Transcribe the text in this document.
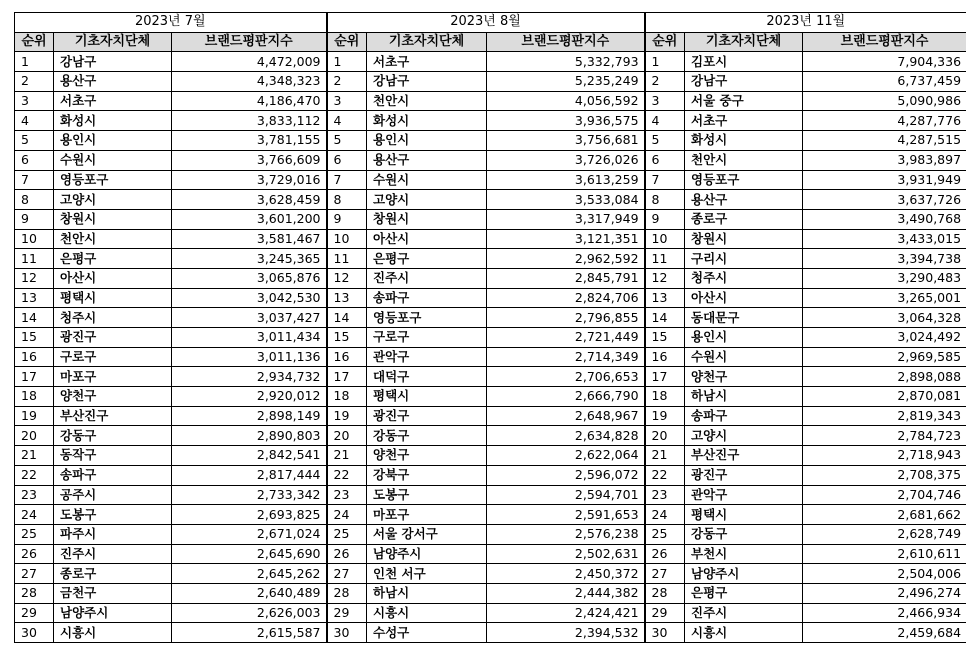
2023년 7월			2023년 8월			2023년 11월		
순위	기초자치단체	브랜드평판지수	순위	기초자치단체	브랜드평판지수	순위	기초자치단체	브랜드평판지수
1	강남구	4,472,009	1	서초구	5,332,793	1	김포시	7,904,336
2	용산구	4,348,323	2	강남구	5,235,249	2	강남구	6,737,459
3	서초구	4,186,470	3	천안시	4,056,592	3	서울 중구	5,090,986
4	화성시	3,833,112	4	화성시	3,936,575	4	서초구	4,287,776
5	용인시	3,781,155	5	용인시	3,756,681	5	화성시	4,287,515
6	수원시	3,766,609	6	용산구	3,726,026	6	천안시	3,983,897
7	영등포구	3,729,016	7	수원시	3,613,259	7	영등포구	3,931,949
8	고양시	3,628,459	8	고양시	3,533,084	8	용산구	3,637,726
9	창원시	3,601,200	9	창원시	3,317,949	9	종로구	3,490,768
10	천안시	3,581,467	10	아산시	3,121,351	10	창원시	3,433,015
11	은평구	3,245,365	11	은평구	2,962,592	11	구리시	3,394,738
12	아산시	3,065,876	12	진주시	2,845,791	12	청주시	3,290,483
13	평택시	3,042,530	13	송파구	2,824,706	13	아산시	3,265,001
14	청주시	3,037,427	14	영등포구	2,796,855	14	동대문구	3,064,328
15	광진구	3,011,434	15	구로구	2,721,449	15	용인시	3,024,492
16	구로구	3,011,136	16	관악구	2,714,349	16	수원시	2,969,585
17	마포구	2,934,732	17	대덕구	2,706,653	17	양천구	2,898,088
18	양천구	2,920,012	18	평택시	2,666,790	18	하남시	2,870,081
19	부산진구	2,898,149	19	광진구	2,648,967	19	송파구	2,819,343
20	강동구	2,890,803	20	강동구	2,634,828	20	고양시	2,784,723
21	동작구	2,842,541	21	양천구	2,622,064	21	부산진구	2,718,943
22	송파구	2,817,444	22	강북구	2,596,072	22	광진구	2,708,375
23	공주시	2,733,342	23	도봉구	2,594,701	23	관악구	2,704,746
24	도봉구	2,693,825	24	마포구	2,591,653	24	평택시	2,681,662
25	파주시	2,671,024	25	서울 강서구	2,576,238	25	강동구	2,628,749
26	진주시	2,645,690	26	남양주시	2,502,631	26	부천시	2,610,611
27	종로구	2,645,262	27	인천 서구	2,450,372	27	남양주시	2,504,006
28	금천구	2,640,489	28	하남시	2,444,382	28	은평구	2,496,274
29	남양주시	2,626,003	29	시흥시	2,424,421	29	진주시	2,466,934
30	시흥시	2,615,587	30	수성구	2,394,532	30	시흥시	2,459,684
